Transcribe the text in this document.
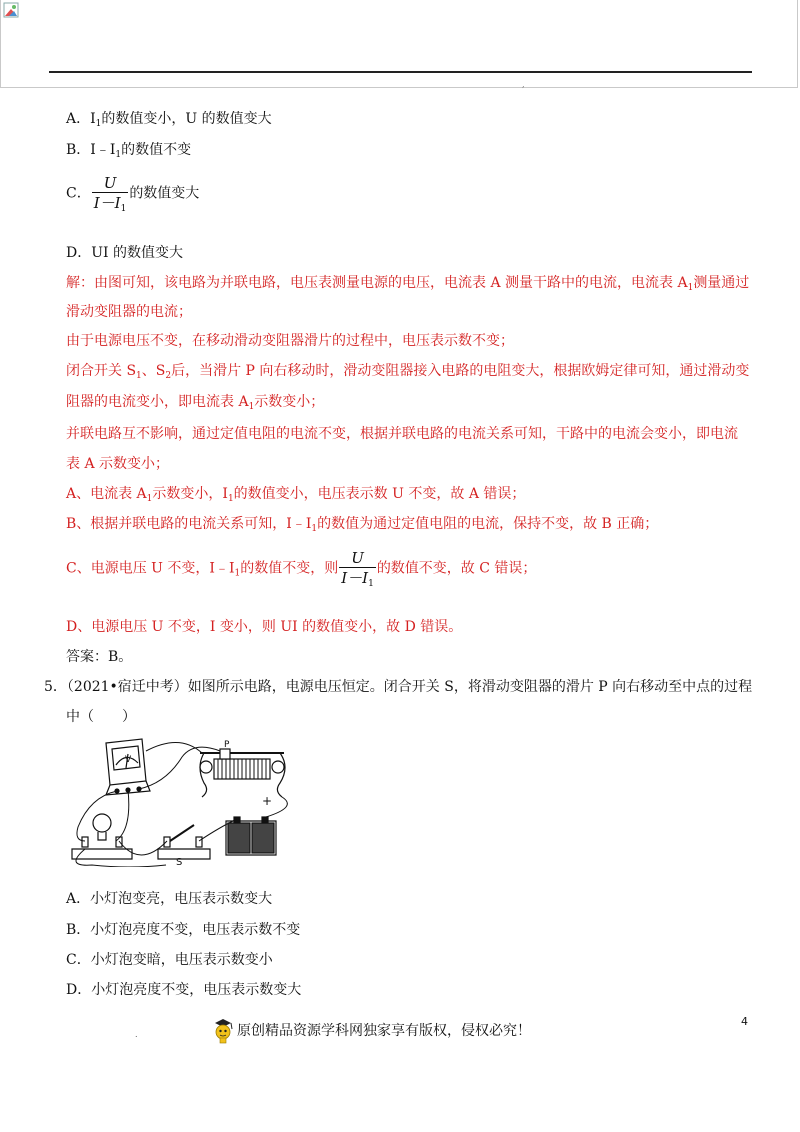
,
A．$I_1$的数值变小，U 的数值变大
B．$I﹣I_1$的数值不变
C． $\frac{U}{I-I_1}$ 的数值变大
D．UI 的数值变大
解：由图可知，该电路为并联电路，电压表测量电源的电压，电流表 A 测量干路中的电流，电流表 $A_1$测量通过
滑动变阻器的电流；
由于电源电压不变，在移动滑动变阻器滑片的过程中，电压表示数不变；
闭合开关 $S_1$、$S_2$后，当滑片 P 向右移动时，滑动变阻器接入电路的电阻变大，根据欧姆定律可知，通过滑动变
阻器的电流变小，即电流表 $A_1$示数变小；
并联电路互不影响，通过定值电阻的电流不变，根据并联电路的电流关系可知，干路中的电流会变小，即电流
表 A 示数变小；
A、电流表 $A_1$示数变小，$I_1$的数值变小，电压表示数 U 不变，故 A 错误；
B、根据并联电路的电流关系可知，$I﹣I_1$的数值为通过定值电阻的电流，保持不变，故 B 正确；
C、电源电压 U 不变，$I﹣I_1$的数值不变，则 $\frac{U}{I-I_1}$ 的数值不变，故 C 错误；
D、电源电压 U 不变，I 变小，则 UI 的数值变小，故 D 错误。
答案：B。
5．（2021•宿迁中考）如图所示电路，电源电压恒定。闭合开关 S，将滑动变阻器的滑片 P 向右移动至中点的过程
中（　　）
V
P
S
+
A．小灯泡变亮，电压表示数变大
B．小灯泡亮度不变，电压表示数不变
C．小灯泡变暗，电压表示数变小
D．小灯泡亮度不变，电压表示数变大
.	原创精品资源学科网独家享有版权，侵权必究！
4
